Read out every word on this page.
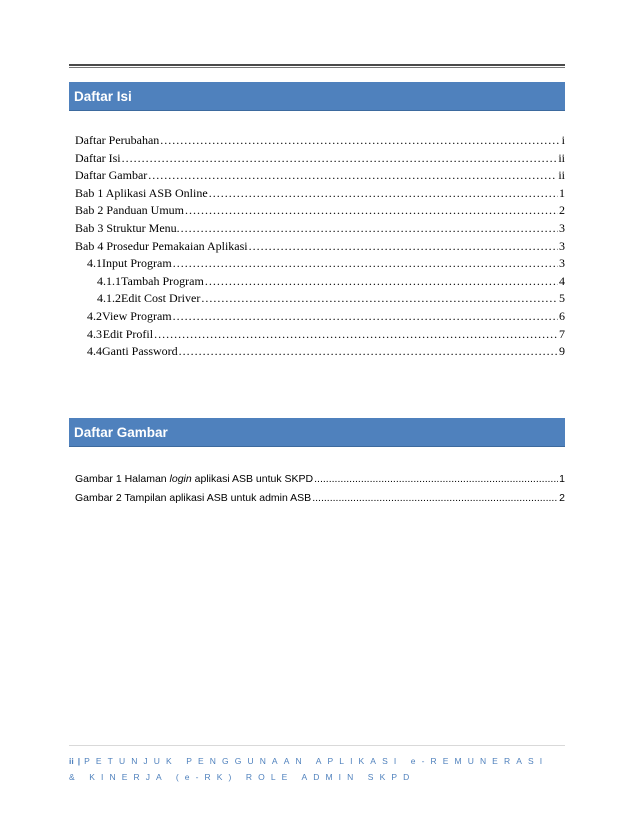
Daftar Isi
Daftar Perubahan .....	i
Daftar Isi .....	ii
Daftar Gambar .....	ii
Bab 1 Aplikasi ASB Online .....	1
Bab 2 Panduan Umum .....	2
Bab 3 Struktur Menu. .....	3
Bab 4 Prosedur Pemakaian Aplikasi .....	3
4.1 Input Program .....	3
4.1.1 Tambah Program .....	4
4.1.2 Edit Cost Driver .....	5
4.2 View Program .....	6
4.3 Edit Profil .....	7
4.4 Ganti Password .....	9
Daftar Gambar
Gambar 1 Halaman login aplikasi ASB untuk SKPD .....	1
Gambar 2 Tampilan aplikasi ASB untuk admin ASB .....	2
ii | PETUNJUK PENGGUNAAN APLIKASI e-REMUNERASI & KINERJA (e-RK) ROLE ADMIN SKPD
